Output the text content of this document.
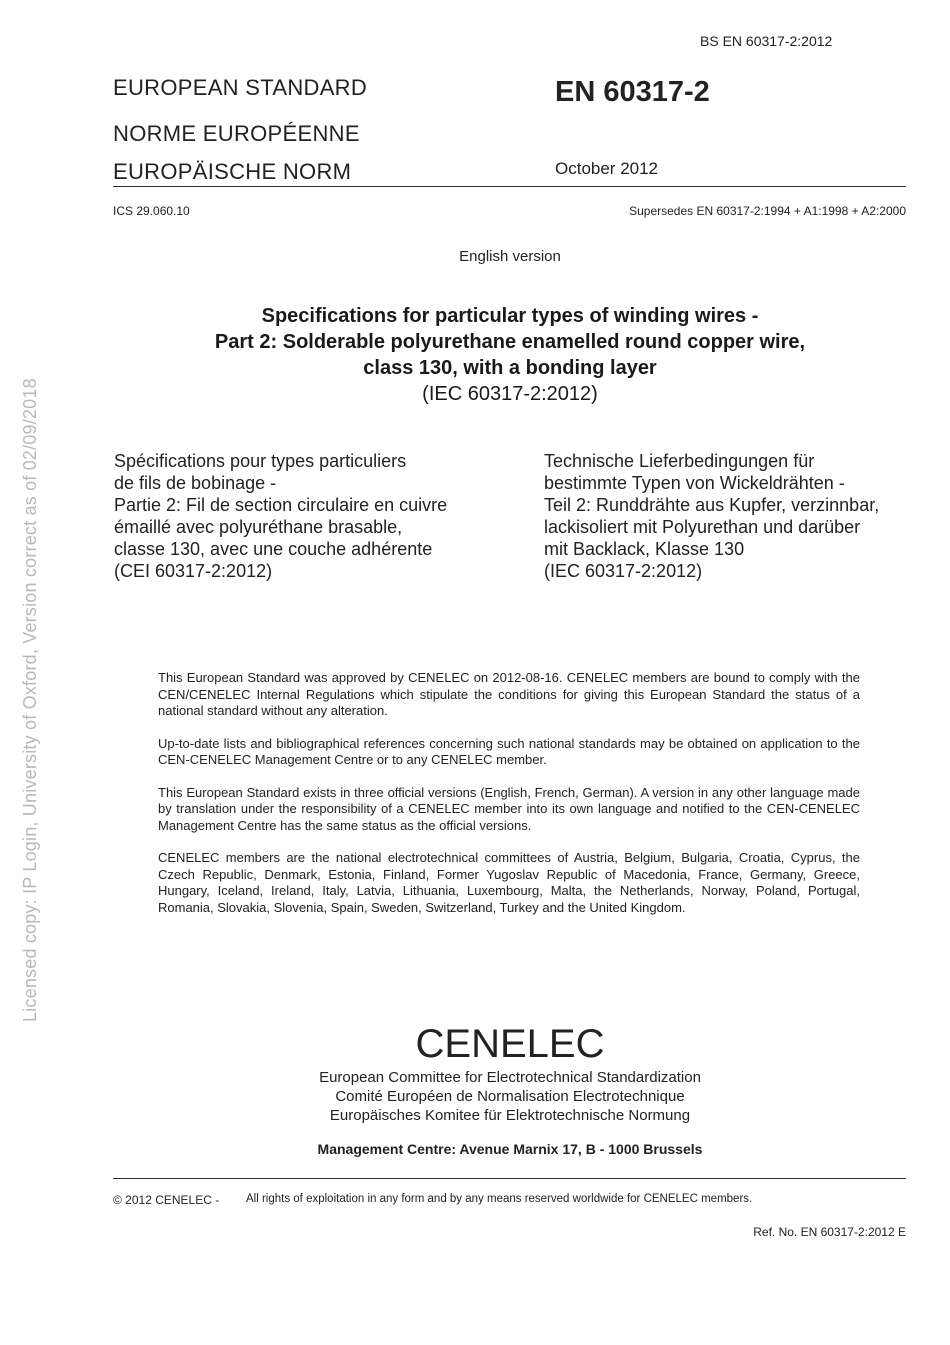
Licensed copy: IP Login, University of Oxford, Version correct as of 02/09/2018
BS EN 60317-2:2012
EUROPEAN STANDARD
NORME EUROPÉENNE
EUROPÄISCHE NORM
EN 60317-2
October 2012
ICS 29.060.10	Supersedes EN 60317-2:1994 + A1:1998 + A2:2000
English version
Specifications for particular types of winding wires -
Part 2: Solderable polyurethane enamelled round copper wire,
class 130, with a bonding layer
(IEC 60317-2:2012)
Spécifications pour types particuliers
de fils de bobinage -
Partie 2: Fil de section circulaire en cuivre
émaillé avec polyuréthane brasable,
classe 130, avec une couche adhérente
(CEI 60317-2:2012)
Technische Lieferbedingungen für
bestimmte Typen von Wickeldrähten -
Teil 2: Runddrähte aus Kupfer, verzinnbar,
lackisoliert mit Polyurethan und darüber
mit Backlack, Klasse 130
(IEC 60317-2:2012)

This European Standard was approved by CENELEC on 2012-08-16. CENELEC members are bound to comply with the CEN/CENELEC Internal Regulations which stipulate the conditions for giving this European Standard the status of a national standard without any alteration.

Up-to-date lists and bibliographical references concerning such national standards may be obtained on application to the CEN-CENELEC Management Centre or to any CENELEC member.

This European Standard exists in three official versions (English, French, German). A version in any other language made by translation under the responsibility of a CENELEC member into its own language and notified to the CEN-CENELEC Management Centre has the same status as the official versions.

CENELEC members are the national electrotechnical committees of Austria, Belgium, Bulgaria, Croatia, Cyprus, the Czech Republic, Denmark, Estonia, Finland, Former Yugoslav Republic of Macedonia, France, Germany, Greece, Hungary, Iceland, Ireland, Italy, Latvia, Lithuania, Luxembourg, Malta, the Netherlands, Norway, Poland, Portugal, Romania, Slovakia, Slovenia, Spain, Sweden, Switzerland, Turkey and the United Kingdom.

CENELEC
European Committee for Electrotechnical Standardization
Comité Européen de Normalisation Electrotechnique
Europäisches Komitee für Elektrotechnische Normung
Management Centre: Avenue Marnix 17, B - 1000 Brussels
© 2012 CENELEC - All rights of exploitation in any form and by any means reserved worldwide for CENELEC members.
Ref. No. EN 60317-2:2012 E
